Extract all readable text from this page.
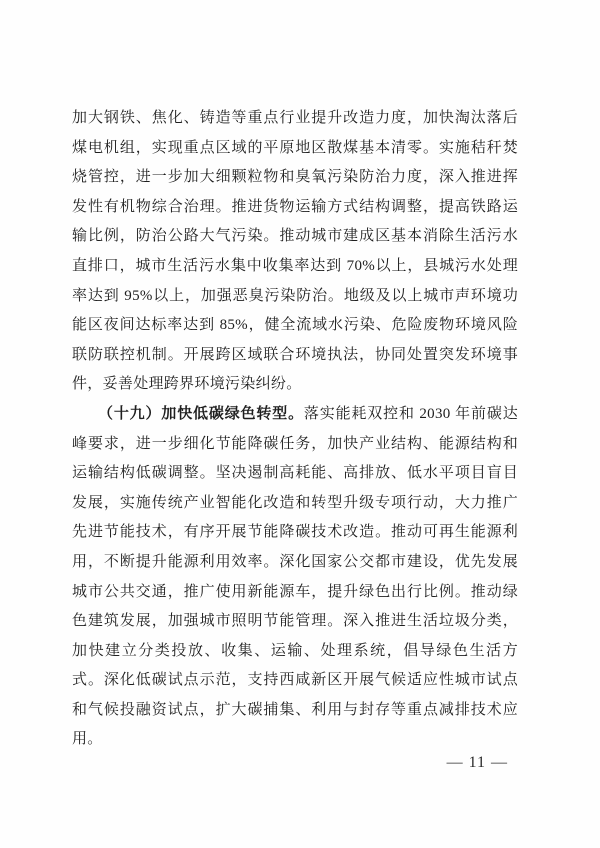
加大钢铁、焦化、铸造等重点行业提升改造力度，加快淘汰落后
煤电机组，实现重点区域的平原地区散煤基本清零。实施秸秆焚
烧管控，进一步加大细颗粒物和臭氧污染防治力度，深入推进挥
发性有机物综合治理。推进货物运输方式结构调整，提高铁路运
输比例，防治公路大气污染。推动城市建成区基本消除生活污水
直排口，城市生活污水集中收集率达到 70%以上，县城污水处理
率达到 95%以上，加强恶臭污染防治。地级及以上城市声环境功
能区夜间达标率达到 85%，健全流域水污染、危险废物环境风险
联防联控机制。开展跨区域联合环境执法，协同处置突发环境事
件，妥善处理跨界环境污染纠纷。
（十九）加快低碳绿色转型。落实能耗双控和 2030 年前碳达
峰要求，进一步细化节能降碳任务，加快产业结构、能源结构和
运输结构低碳调整。坚决遏制高耗能、高排放、低水平项目盲目
发展，实施传统产业智能化改造和转型升级专项行动，大力推广
先进节能技术，有序开展节能降碳技术改造。推动可再生能源利
用，不断提升能源利用效率。深化国家公交都市建设，优先发展
城市公共交通，推广使用新能源车，提升绿色出行比例。推动绿
色建筑发展，加强城市照明节能管理。深入推进生活垃圾分类，
加快建立分类投放、收集、运输、处理系统，倡导绿色生活方
式。深化低碳试点示范，支持西咸新区开展气候适应性城市试点
和气候投融资试点，扩大碳捕集、利用与封存等重点减排技术应
用。
— 11 —
